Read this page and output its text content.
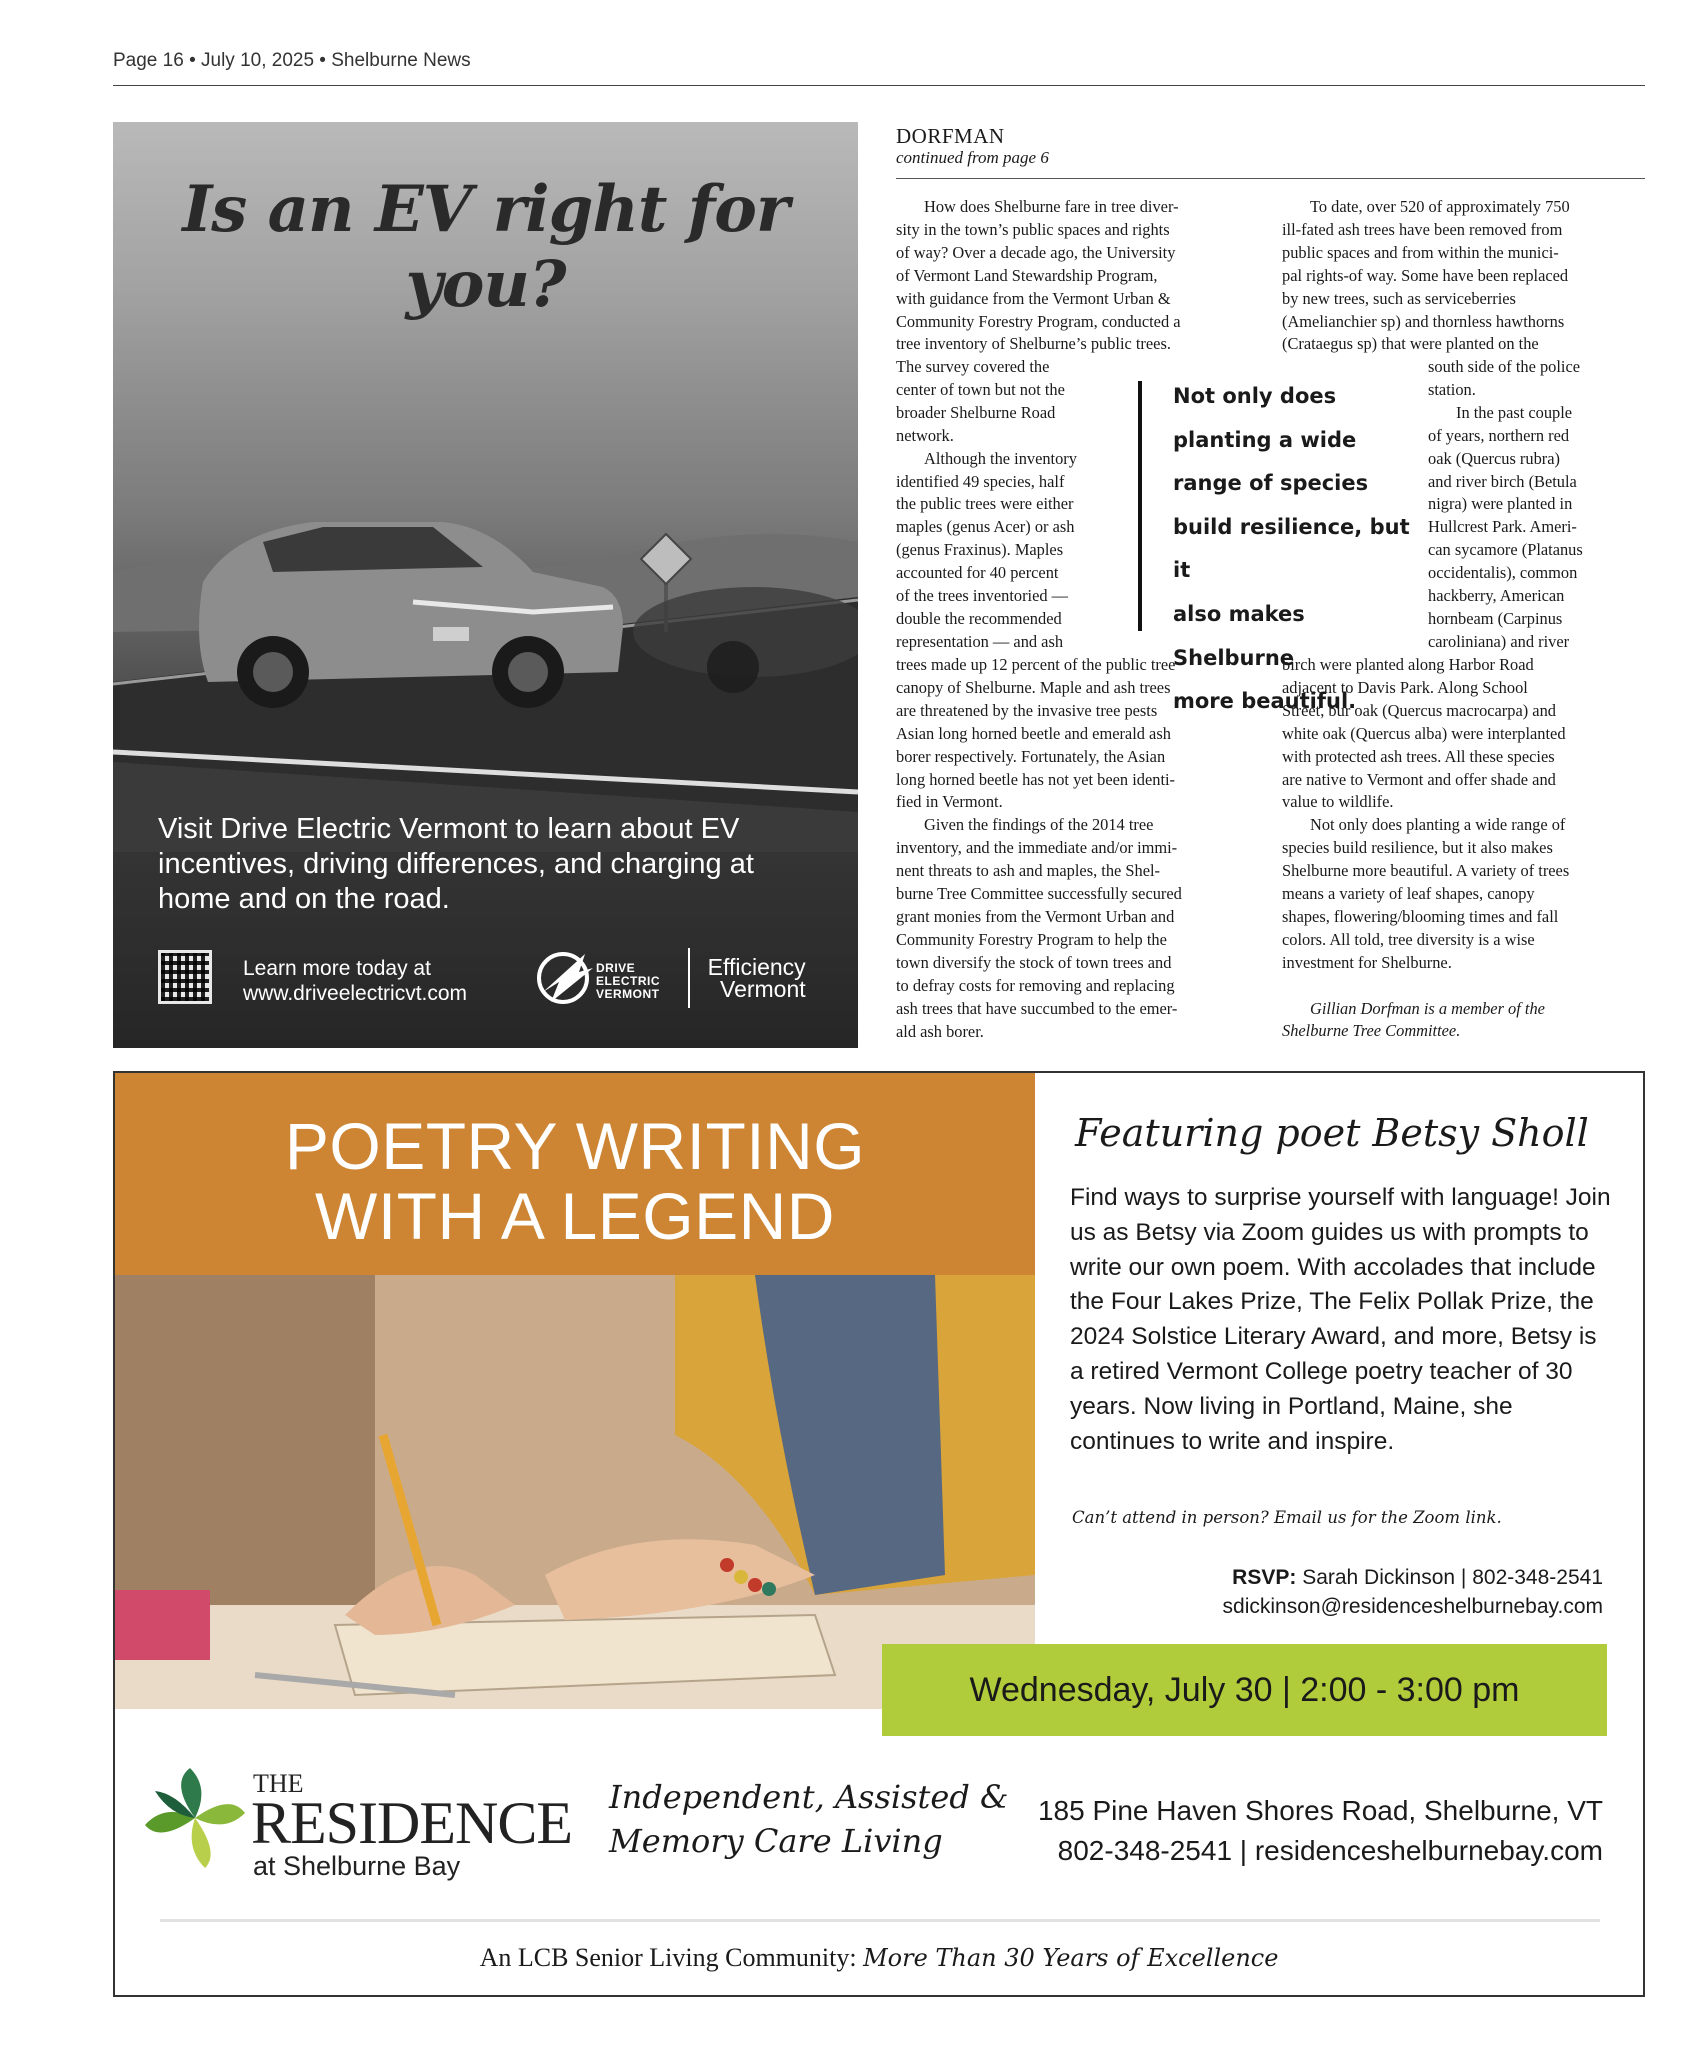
Page 16 • July 10, 2025 • Shelburne News
Is an EV right for you?
Visit Drive Electric Vermont to learn about EV incentives, driving differences, and charging at home and on the road.
Learn more today at
www.driveelectricvt.com
DRIVE
ELECTRIC
VERMONT
Efficiency
Vermont
DORFMAN
continued from page 6

How does Shelburne fare in tree diver-

sity in the town’s public spaces and rights

of way? Over a decade ago, the University

of Vermont Land Stewardship Program,

with guidance from the Vermont Urban &

Community Forestry Program, conducted a

tree inventory of Shelburne’s public trees.

The survey covered the

center of town but not the

broader Shelburne Road

network.

Although the inventory

identified 49 species, half

the public trees were either

maples (genus Acer) or ash

(genus Fraxinus). Maples

accounted for 40 percent

of the trees inventoried —

double the recommended

representation — and ash

trees made up 12 percent of the public tree

canopy of Shelburne. Maple and ash trees

are threatened by the invasive tree pests

Asian long horned beetle and emerald ash

borer respectively. Fortunately, the Asian

long horned beetle has not yet been identi-

fied in Vermont.

Given the findings of the 2014 tree

inventory, and the immediate and/or immi-

nent threats to ash and maples, the Shel-

burne Tree Committee successfully secured

grant monies from the Vermont Urban and

Community Forestry Program to help the

town diversify the stock of town trees and

to defray costs for removing and replacing

ash trees that have succumbed to the emer-

ald ash borer.

Not only does
planting a wide
range of species
build resilience, but it
also makes Shelburne
more beautiful.

To date, over 520 of approximately 750

ill-fated ash trees have been removed from

public spaces and from within the munici-

pal rights-of way. Some have been replaced

by new trees, such as serviceberries

(Amelianchier sp) and thornless hawthorns

(Crataegus sp) that were planted on the

south side of the police

station.

In the past couple

of years, northern red

oak (Quercus rubra)

and river birch (Betula

nigra) were planted in

Hullcrest Park. Ameri-

can sycamore (Platanus

occidentalis), common

hackberry, American

hornbeam (Carpinus

caroliniana) and river

birch were planted along Harbor Road

adjacent to Davis Park. Along School

Street, bur oak (Quercus macrocarpa) and

white oak (Quercus alba) were interplanted

with protected ash trees. All these species

are native to Vermont and offer shade and

value to wildlife.

Not only does planting a wide range of

species build resilience, but it also makes

Shelburne more beautiful. A variety of trees

means a variety of leaf shapes, canopy

shapes, flowering/blooming times and fall

colors. All told, tree diversity is a wise

investment for Shelburne.

Gillian Dorfman is a member of the

Shelburne Tree Committee.

POETRY WRITING
WITH A LEGEND
Featuring poet Betsy Sholl
Find ways to surprise yourself with language! Join us as Betsy via Zoom guides us with prompts to write our own poem. With accolades that include the Four Lakes Prize, The Felix Pollak Prize, the 2024 Solstice Literary Award, and more, Betsy is a retired Vermont College poetry teacher of 30 years. Now living in Portland, Maine, she continues to write and inspire.
Can’t attend in person? Email us for the Zoom link.
RSVP: Sarah Dickinson | 802-348-2541
sdickinson@residenceshelburnebay.com
Wednesday, July 30 | 2:00 - 3:00 pm
THE
RESIDENCE
at Shelburne Bay
Independent, Assisted &
Memory Care Living
185 Pine Haven Shores Road, Shelburne, VT
802-348-2541 | residenceshelburnebay.com
An LCB Senior Living Community: More Than 30 Years of Excellence
